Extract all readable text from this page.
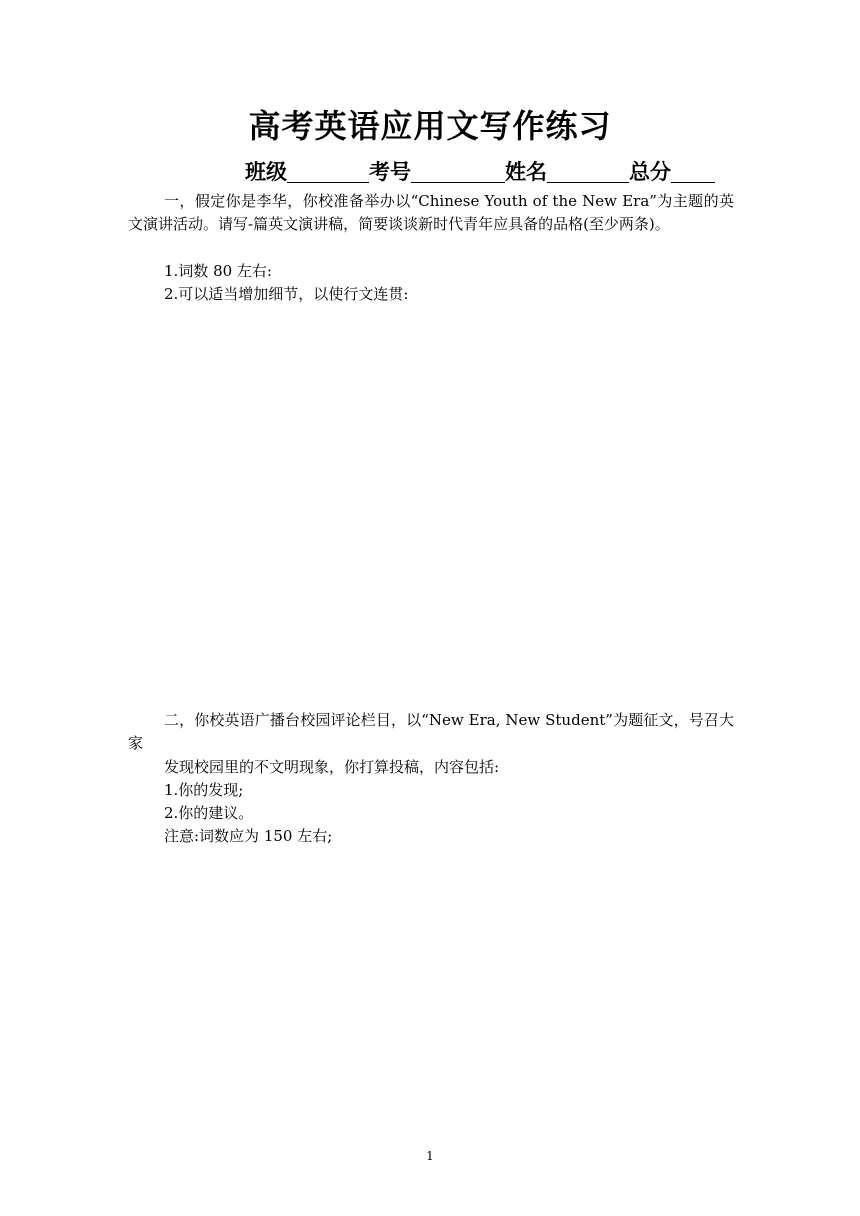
高考英语应用文写作练习
班级	考号	姓名	总分
一，假定你是李华，你校准备举办以“Chinese Youth of the New Era”为主题的英文演讲活动。请写-篇英文演讲稿，简要谈谈新时代青年应具备的品格(至少两条)。
1.词数 80 左右:
2.可以适当增加细节，以使行文连贯:
二，你校英语广播台校园评论栏目，以“New Era, New Student”为题征文，号召大家
发现校园里的不文明现象，你打算投稿，内容包括:
1.你的发现;
2.你的建议。
注意:词数应为 150 左右;
1
